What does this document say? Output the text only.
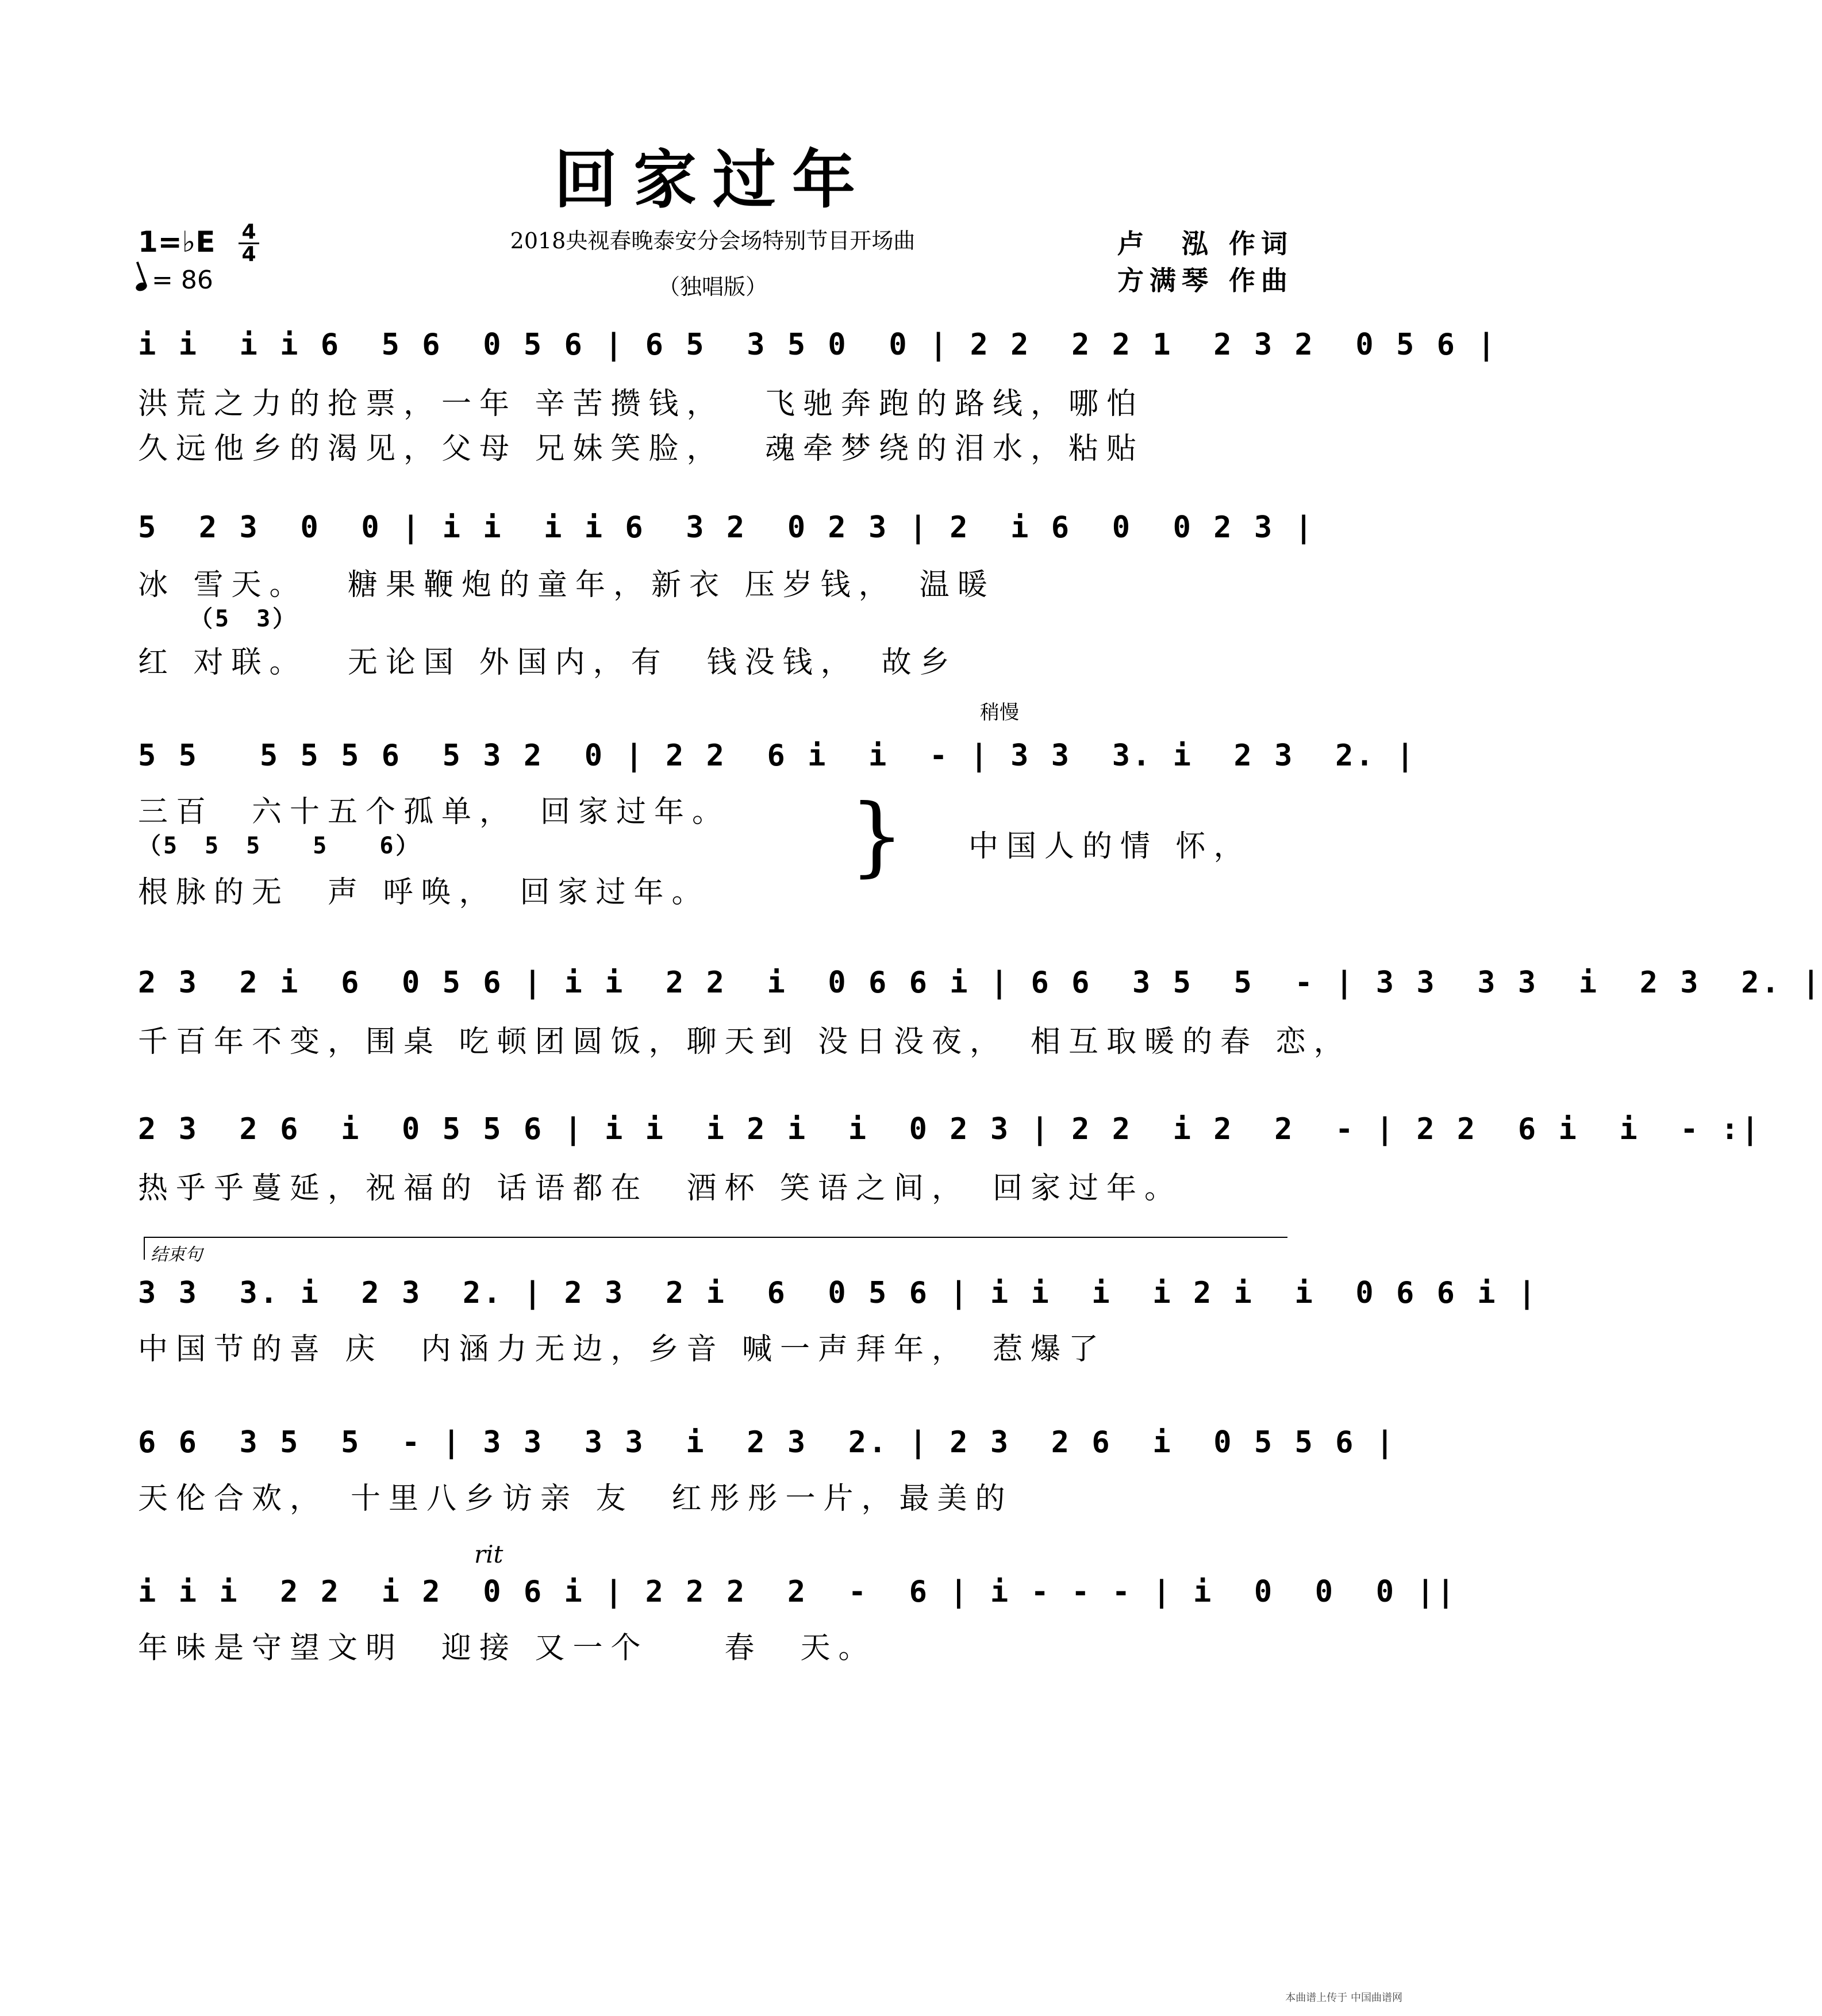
回家过年
2018央视春晚泰安分会场特别节目开场曲
（独唱版）
卢　泓 作词
方满琴 作曲
1=♭E	4
4
= 86
i i  i i 6  5 6  0 5 6 | 6 5  3 5 0  0 | 2 2  2 2 1  2 3 2  0 5 6 |
洪荒之力的抢票，一年 辛苦攒钱，　 飞驰奔跑的路线，哪怕
久远他乡的渴见，父母 兄妹笑脸，　 魂牵梦绕的泪水，粘贴
5  2 3  0  0 | i i  i i 6  3 2  0 2 3 | 2  i 6  0  0 2 3 |
冰 雪天。　 糖果鞭炮的童年，新衣 压岁钱，　温暖
（5　3）
红 对联。　 无论国 外国内，有　钱没钱，　故乡
稍慢
5 5   5 5 5 6  5 3 2  0 | 2 2  6 i  i  - | 3 3  3. i  2 3  2. |
三百　六十五个孤单，　回家过年。
（5　5　5　　5　　6）
根脉的无　声 呼唤，　回家过年。
} 中国人的情 怀，
2 3  2 i  6  0 5 6 | i i  2 2  i  0 6 6 i | 6 6  3 5  5  - | 3 3  3 3  i  2 3  2. |
千百年不变，围桌 吃顿团圆饭，聊天到 没日没夜，　相互取暖的春 恋，
2 3  2 6  i  0 5 5 6 | i i  i 2 i  i  0 2 3 | 2 2  i 2  2  - | 2 2  6 i  i  - :|
热乎乎蔓延，祝福的 话语都在　酒杯 笑语之间，　回家过年。
结束句
3 3  3. i  2 3  2. | 2 3  2 i  6  0 5 6 | i i  i  i 2 i  i  0 6 6 i |
中国节的喜 庆　内涵力无边，乡音 喊一声拜年，　惹爆了
6 6  3 5  5  - | 3 3  3 3  i  2 3  2. | 2 3  2 6  i  0 5 5 6 |
天伦合欢，　十里八乡访亲 友　红彤彤一片，最美的
rit
i i i  2 2  i 2  0 6 i | 2 2 2  2  -  6 | i - - - | i  0  0  0 ||
年味是守望文明　迎接 又一个　　春　天。
本曲谱上传于 中国曲谱网
